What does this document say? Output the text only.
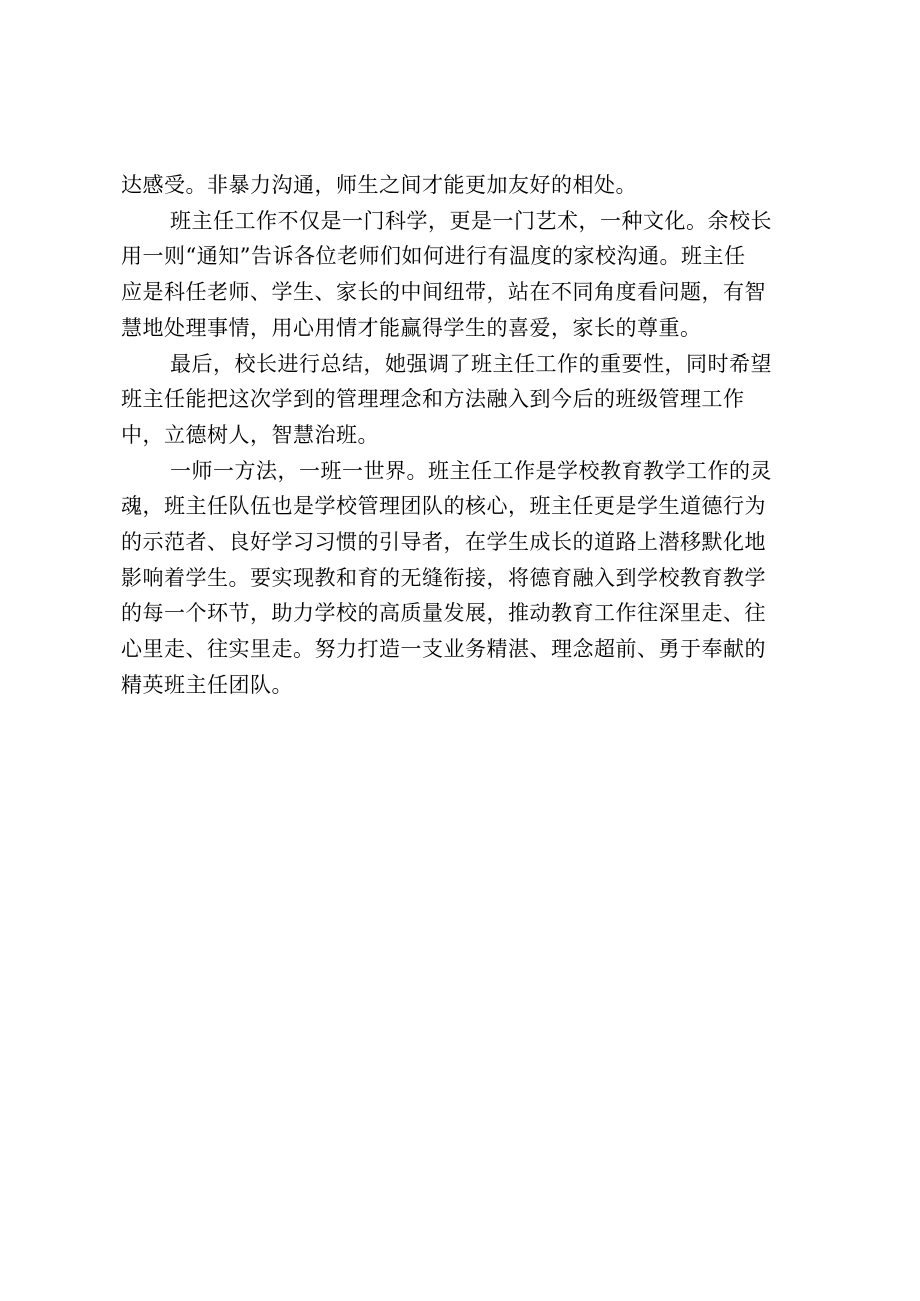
达感受。非暴力沟通，师生之间才能更加友好的相处。
班主任工作不仅是一门科学，更是一门艺术，一种文化。余校长
用一则“通知”告诉各位老师们如何进行有温度的家校沟通。班主任
应是科任老师、学生、家长的中间纽带，站在不同角度看问题，有智
慧地处理事情，用心用情才能赢得学生的喜爱，家长的尊重。
最后，校长进行总结，她强调了班主任工作的重要性，同时希望
班主任能把这次学到的管理理念和方法融入到今后的班级管理工作
中，立德树人，智慧治班。
一师一方法，一班一世界。班主任工作是学校教育教学工作的灵
魂，班主任队伍也是学校管理团队的核心，班主任更是学生道德行为
的示范者、良好学习习惯的引导者，在学生成长的道路上潜移默化地
影响着学生。要实现教和育的无缝衔接，将德育融入到学校教育教学
的每一个环节，助力学校的高质量发展，推动教育工作往深里走、往
心里走、往实里走。努力打造一支业务精湛、理念超前、勇于奉献的
精英班主任团队。
